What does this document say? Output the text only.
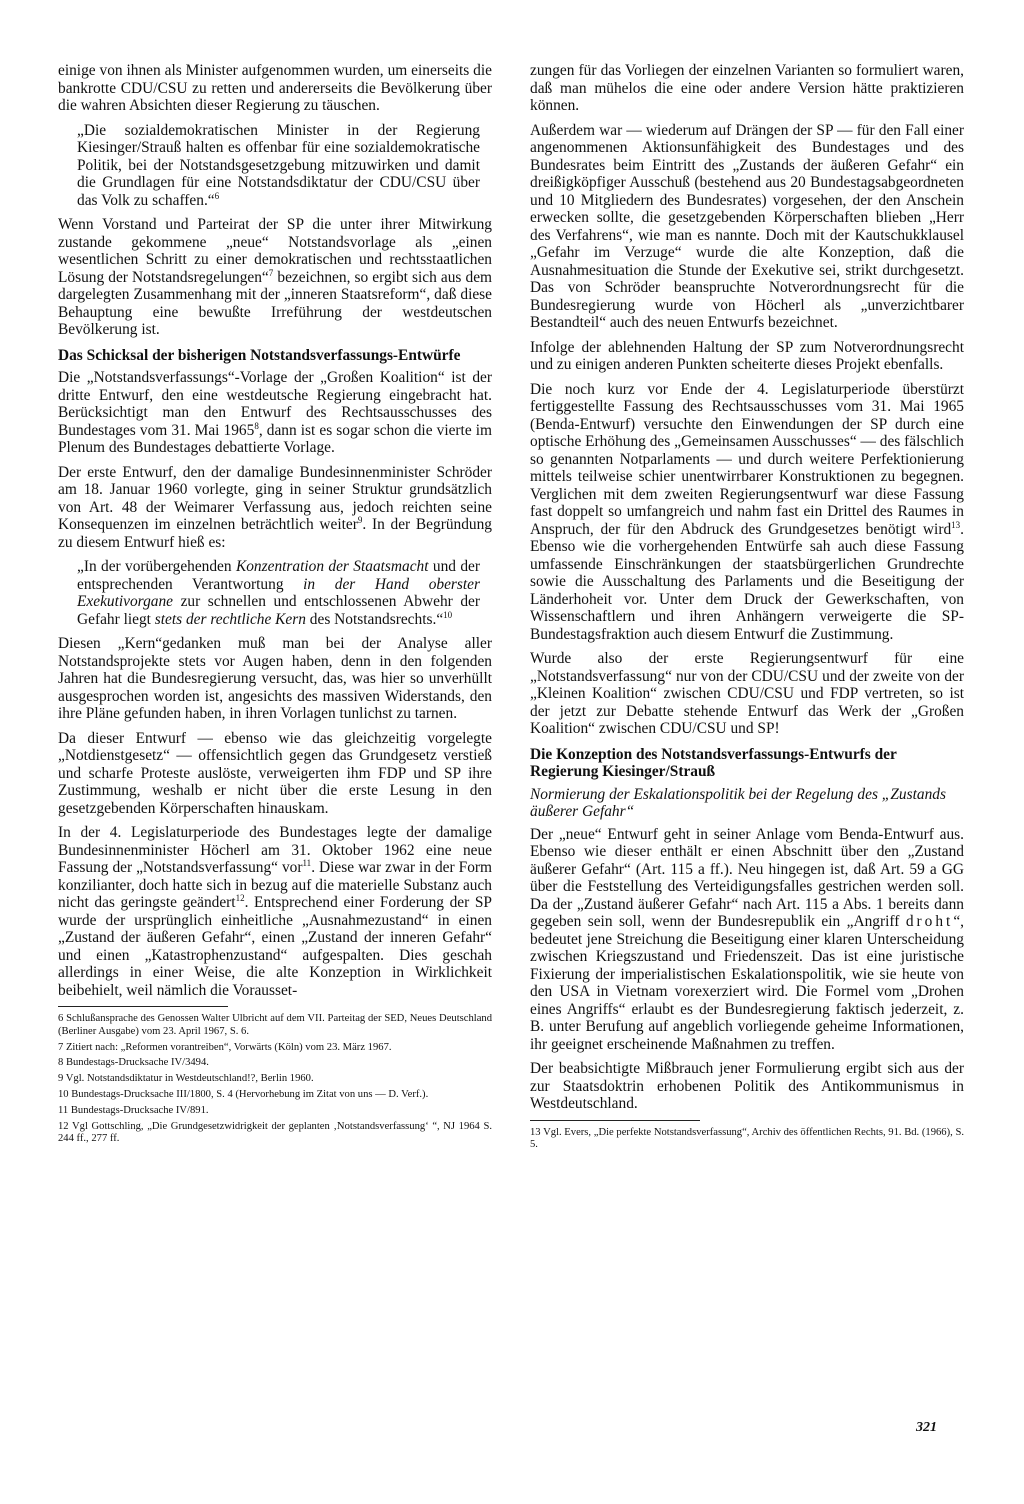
einige von ihnen als Minister aufgenommen wurden, um einerseits die bankrotte CDU/CSU zu retten und andererseits die Bevölkerung über die wahren Absichten dieser Regierung zu täuschen.

„Die sozialdemokratischen Minister in der Regierung Kiesinger/Strauß halten es offenbar für eine sozialdemokratische Politik, bei der Notstandsgesetzgebung mitzuwirken und damit die Grundlagen für eine Notstandsdiktatur der CDU/CSU über das Volk zu schaffen.“$^6$

Wenn Vorstand und Parteirat der SP die unter ihrer Mitwirkung zustande gekommene „neue“ Notstandsvorlage als „einen wesentlichen Schritt zu einer demokratischen und rechtsstaatlichen Lösung der Notstandsregelungen“$^7$ bezeichnen, so ergibt sich aus dem dargelegten Zusammenhang mit der „inneren Staatsreform“, daß diese Behauptung eine bewußte Irreführung der westdeutschen Bevölkerung ist.

Das Schicksal der bisherigen Notstandsverfassungs-Entwürfe

Die „Notstandsverfassungs“-Vorlage der „Großen Koalition“ ist der dritte Entwurf, den eine westdeutsche Regierung eingebracht hat. Berücksichtigt man den Entwurf des Rechtsausschusses des Bundestages vom 31. Mai 1965$^8$, dann ist es sogar schon die vierte im Plenum des Bundestages debattierte Vorlage.

Der erste Entwurf, den der damalige Bundesinnenminister Schröder am 18. Januar 1960 vorlegte, ging in seiner Struktur grundsätzlich von Art. 48 der Weimarer Verfassung aus, jedoch reichten seine Konsequenzen im einzelnen beträchtlich weiter$^9$. In der Begründung zu diesem Entwurf hieß es:

„In der vorübergehenden Konzentration der Staatsmacht und der entsprechenden Verantwortung in der Hand oberster Exekutivorgane zur schnellen und entschlossenen Abwehr der Gefahr liegt stets der rechtliche Kern des Notstandsrechts.“$^{10}$

Diesen „Kern“gedanken muß man bei der Analyse aller Notstandsprojekte stets vor Augen haben, denn in den folgenden Jahren hat die Bundesregierung versucht, das, was hier so unverhüllt ausgesprochen worden ist, angesichts des massiven Widerstands, den ihre Pläne gefunden haben, in ihren Vorlagen tunlichst zu tarnen.

Da dieser Entwurf — ebenso wie das gleichzeitig vorgelegte „Notdienstgesetz“ — offensichtlich gegen das Grundgesetz verstieß und scharfe Proteste auslöste, verweigerten ihm FDP und SP ihre Zustimmung, weshalb er nicht über die erste Lesung in den gesetzgebenden Körperschaften hinauskam.

In der 4. Legislaturperiode des Bundestages legte der damalige Bundesinnenminister Höcherl am 31. Oktober 1962 eine neue Fassung der „Notstandsverfassung“ vor$^{11}$. Diese war zwar in der Form konzilianter, doch hatte sich in bezug auf die materielle Substanz auch nicht das geringste geändert$^{12}$. Entsprechend einer Forderung der SP wurde der ursprünglich einheitliche „Ausnahmezustand“ in einen „Zustand der äußeren Gefahr“, einen „Zustand der inneren Gefahr“ und einen „Katastrophenzustand“ aufgespalten. Dies geschah allerdings in einer Weise, die alte Konzeption in Wirklichkeit beibehielt, weil nämlich die Vorausset-

6 Schlußansprache des Genossen Walter Ulbricht auf dem VII. Parteitag der SED, Neues Deutschland (Berliner Ausgabe) vom 23. April 1967, S. 6.

7 Zitiert nach: „Reformen vorantreiben“, Vorwärts (Köln) vom 23. März 1967.

8 Bundestags-Drucksache IV/3494.

9 Vgl. Notstandsdiktatur in Westdeutschland!?, Berlin 1960.

10 Bundestags-Drucksache III/1800, S. 4 (Hervorhebung im Zitat von uns — D. Verf.).

11 Bundestags-Drucksache IV/891.

12 Vgl Gottschling, „Die Grundgesetzwidrigkeit der geplanten ‚Notstandsverfassung‘ “, NJ 1964 S. 244 ff., 277 ff.

zungen für das Vorliegen der einzelnen Varianten so formuliert waren, daß man mühelos die eine oder andere Version hätte praktizieren können.

Außerdem war — wiederum auf Drängen der SP — für den Fall einer angenommenen Aktionsunfähigkeit des Bundestages und des Bundesrates beim Eintritt des „Zustands der äußeren Gefahr“ ein dreißigköpfiger Ausschuß (bestehend aus 20 Bundestagsabgeordneten und 10 Mitgliedern des Bundesrates) vorgesehen, der den Anschein erwecken sollte, die gesetzgebenden Körperschaften blieben „Herr des Verfahrens“, wie man es nannte. Doch mit der Kautschukklausel „Gefahr im Verzuge“ wurde die alte Konzeption, daß die Ausnahmesituation die Stunde der Exekutive sei, strikt durchgesetzt. Das von Schröder beanspruchte Notverordnungsrecht für die Bundesregierung wurde von Höcherl als „unverzichtbarer Bestandteil“ auch des neuen Entwurfs bezeichnet.

Infolge der ablehnenden Haltung der SP zum Notverordnungsrecht und zu einigen anderen Punkten scheiterte dieses Projekt ebenfalls.

Die noch kurz vor Ende der 4. Legislaturperiode überstürzt fertiggestellte Fassung des Rechtsausschusses vom 31. Mai 1965 (Benda-Entwurf) versuchte den Einwendungen der SP durch eine optische Erhöhung des „Gemeinsamen Ausschusses“ — des fälschlich so genannten Notparlaments — und durch weitere Perfektionierung mittels teilweise schier unentwirrbarer Konstruktionen zu begegnen. Verglichen mit dem zweiten Regierungsentwurf war diese Fassung fast doppelt so umfangreich und nahm fast ein Drittel des Raumes in Anspruch, der für den Abdruck des Grundgesetzes benötigt wird$^{13}$. Ebenso wie die vorhergehenden Entwürfe sah auch diese Fassung umfassende Einschränkungen der staatsbürgerlichen Grundrechte sowie die Ausschaltung des Parlaments und die Beseitigung der Länderhoheit vor. Unter dem Druck der Gewerkschaften, von Wissenschaftlern und ihren Anhängern verweigerte die SP-Bundestagsfraktion auch diesem Entwurf die Zustimmung.

Wurde also der erste Regierungsentwurf für eine „Notstandsverfassung“ nur von der CDU/CSU und der zweite von der „Kleinen Koalition“ zwischen CDU/CSU und FDP vertreten, so ist der jetzt zur Debatte stehende Entwurf das Werk der „Großen Koalition“ zwischen CDU/CSU und SP!

Die Konzeption des Notstandsverfassungs-Entwurfs der Regierung Kiesinger/Strauß
Normierung der Eskalationspolitik bei der Regelung des „Zustands äußerer Gefahr“

Der „neue“ Entwurf geht in seiner Anlage vom Benda-Entwurf aus. Ebenso wie dieser enthält er einen Abschnitt über den „Zustand äußerer Gefahr“ (Art. 115 a ff.). Neu hingegen ist, daß Art. 59 a GG über die Feststellung des Verteidigungsfalles gestrichen werden soll. Da der „Zustand äußerer Gefahr“ nach Art. 115 a Abs. 1 bereits dann gegeben sein soll, wenn der Bundesrepublik ein „Angriff droht“, bedeutet jene Streichung die Beseitigung einer klaren Unterscheidung zwischen Kriegszustand und Friedenszeit. Das ist eine juristische Fixierung der imperialistischen Eskalationspolitik, wie sie heute von den USA in Vietnam vorexerziert wird. Die Formel vom „Drohen eines Angriffs“ erlaubt es der Bundesregierung faktisch jederzeit, z. B. unter Berufung auf angeblich vorliegende geheime Informationen, ihr geeignet erscheinende Maßnahmen zu treffen.

Der beabsichtigte Mißbrauch jener Formulierung ergibt sich aus der zur Staatsdoktrin erhobenen Politik des Antikommunismus in Westdeutschland.

13 Vgl. Evers, „Die perfekte Notstandsverfassung“, Archiv des öffentlichen Rechts, 91. Bd. (1966), S. 5.

321
